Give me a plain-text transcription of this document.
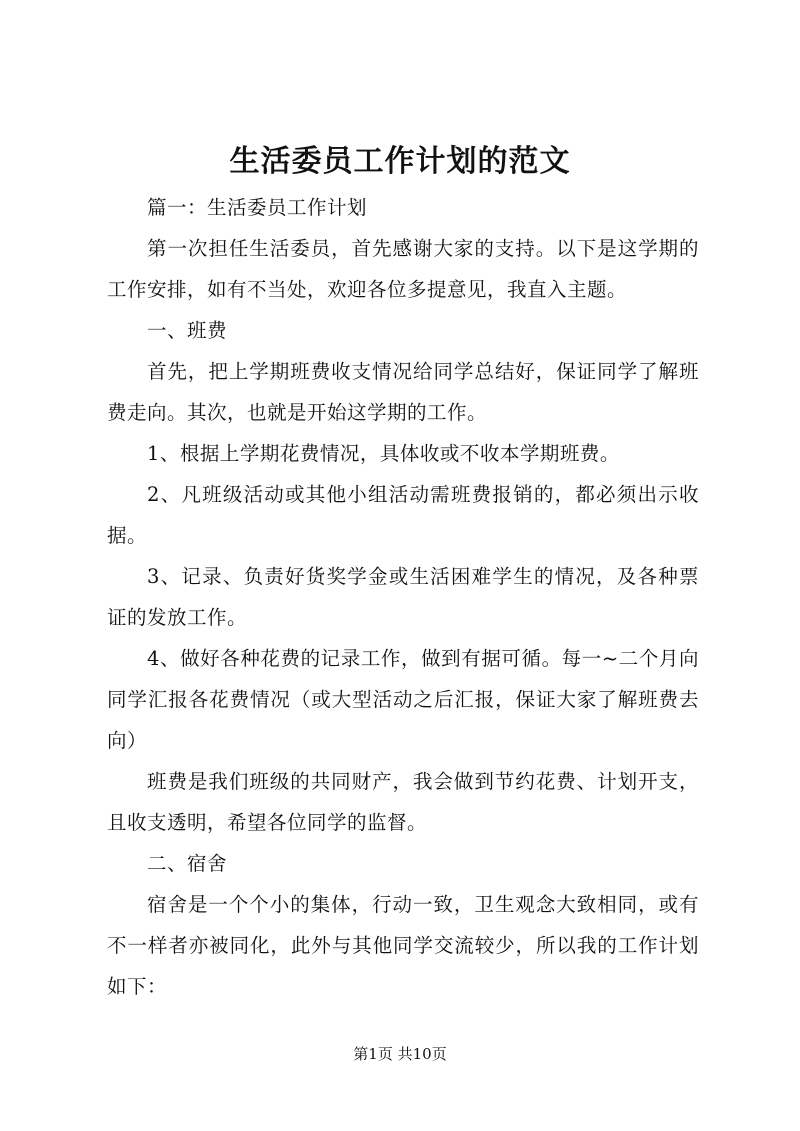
生活委员工作计划的范文

篇一：生活委员工作计划

第一次担任生活委员，首先感谢大家的支持。以下是这学期的工作安排，如有不当处，欢迎各位多提意见，我直入主题。

一、班费

首先，把上学期班费收支情况给同学总结好，保证同学了解班费走向。其次，也就是开始这学期的工作。

1、根据上学期花费情况，具体收或不收本学期班费。

2、凡班级活动或其他小组活动需班费报销的，都必须出示收据。

3、记录、负责好货奖学金或生活困难学生的情况，及各种票证的发放工作。

4、做好各种花费的记录工作，做到有据可循。每一~二个月向同学汇报各花费情况（或大型活动之后汇报，保证大家了解班费去向）

班费是我们班级的共同财产，我会做到节约花费、计划开支，且收支透明，希望各位同学的监督。

二、宿舍

宿舍是一个个小的集体，行动一致，卫生观念大致相同，或有不一样者亦被同化，此外与其他同学交流较少，所以我的工作计划如下：

第1页 共10页
